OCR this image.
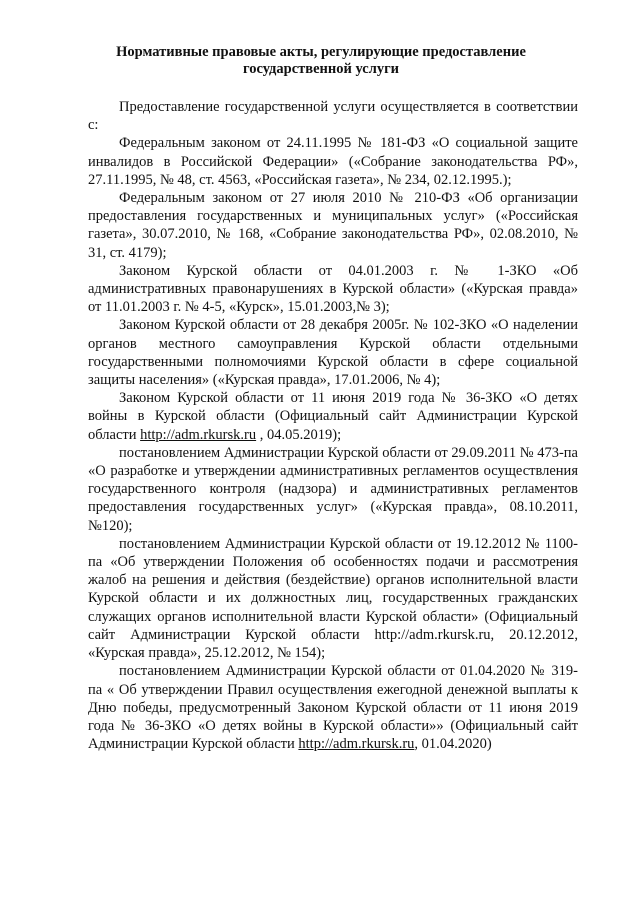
Нормативные правовые акты, регулирующие предоставление государственной услуги

Предоставление государственной услуги осуществляется в соответствии с:

Федеральным законом от 24.11.1995 № 181-ФЗ «О социальной защите инвалидов в Российской Федерации» («Собрание законодательства РФ», 27.11.1995, № 48, ст. 4563, «Российская газета», № 234, 02.12.1995.);

Федеральным законом от 27 июля 2010 № 210-ФЗ «Об организации предоставления государственных и муниципальных услуг» («Российская газета», 30.07.2010, № 168, «Собрание законодательства РФ», 02.08.2010, № 31, ст. 4179);

Законом Курской области от 04.01.2003 г. № 1-ЗКО «Об административных правонарушениях в Курской области» («Курская правда» от 11.01.2003 г. № 4-5, «Курск», 15.01.2003,№ 3);

Законом Курской области от 28 декабря 2005г. № 102-ЗКО «О наделении органов местного самоуправления Курской области отдельными государственными полномочиями Курской области в сфере социальной защиты населения» («Курская правда», 17.01.2006, № 4);

Законом Курской области от 11 июня 2019 года № 36-ЗКО «О детях войны в Курской области (Официальный сайт Администрации Курской области http://adm.rkursk.ru , 04.05.2019);

постановлением Администрации Курской области от 29.09.2011 № 473-па «О разработке и утверждении административных регламентов осуществления государственного контроля (надзора) и административных регламентов предоставления государственных услуг» («Курская правда», 08.10.2011, №120);

постановлением Администрации Курской области от 19.12.2012 № 1100-па «Об утверждении Положения об особенностях подачи и рассмотрения жалоб на решения и действия (бездействие) органов исполнительной власти Курской области и их должностных лиц, государственных гражданских служащих органов исполнительной власти Курской области» (Официальный сайт Администрации Курской области http://adm.rkursk.ru, 20.12.2012, «Курская правда», 25.12.2012, № 154);

постановлением Администрации Курской области от 01.04.2020 № 319-па « Об утверждении Правил осуществления ежегодной денежной выплаты к Дню победы, предусмотренный Законом Курской области от 11 июня 2019 года № 36-ЗКО «О детях войны в Курской области»» (Официальный сайт Администрации Курской области http://adm.rkursk.ru, 01.04.2020)
